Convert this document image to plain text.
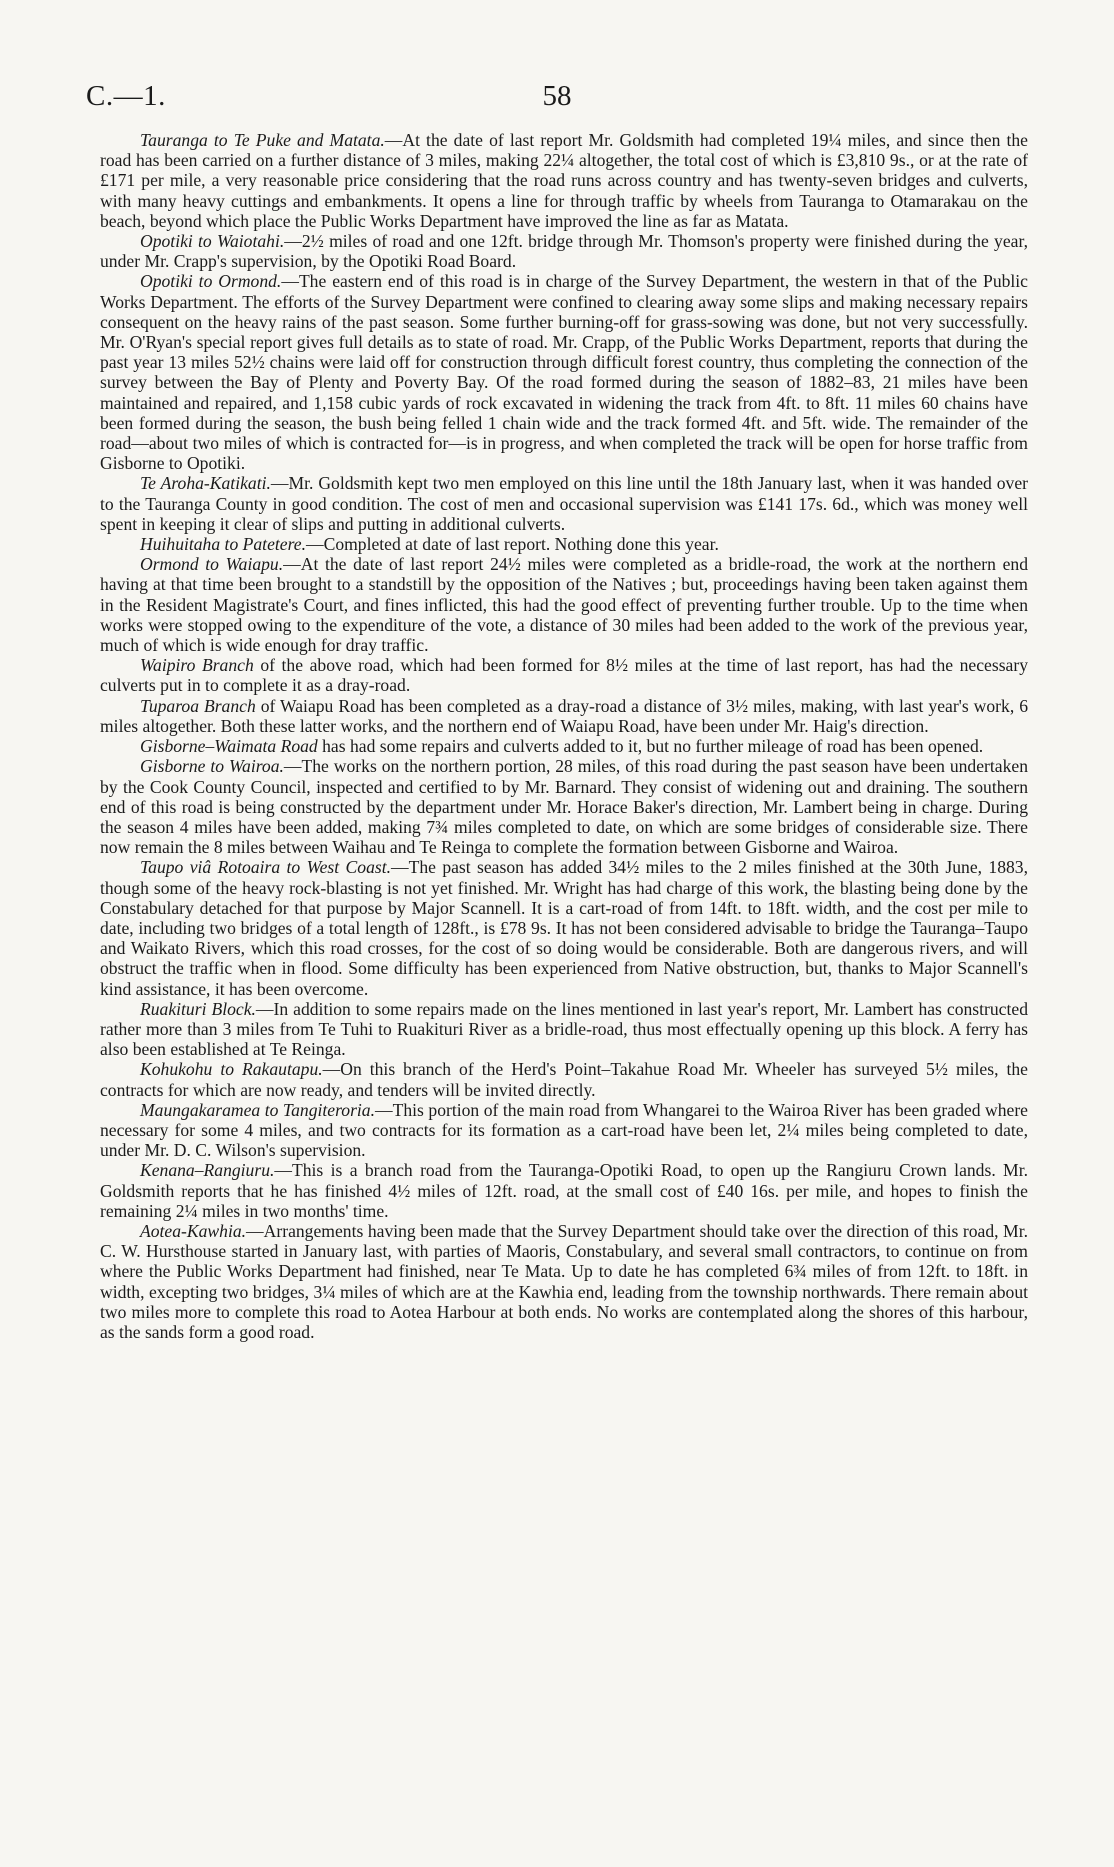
C.—1.	58

Tauranga to Te Puke and Matata.—At the date of last report Mr. Goldsmith had completed 19¼ miles, and since then the road has been carried on a further distance of 3 miles, making 22¼ altogether, the total cost of which is £3,810 9s., or at the rate of £171 per mile, a very reasonable price considering that the road runs across country and has twenty-seven bridges and culverts, with many heavy cuttings and embankments. It opens a line for through traffic by wheels from Tauranga to Otamarakau on the beach, beyond which place the Public Works Department have improved the line as far as Matata.

Opotiki to Waiotahi.—2½ miles of road and one 12ft. bridge through Mr. Thomson's property were finished during the year, under Mr. Crapp's supervision, by the Opotiki Road Board.

Opotiki to Ormond.—The eastern end of this road is in charge of the Survey Department, the western in that of the Public Works Department. The efforts of the Survey Department were confined to clearing away some slips and making necessary repairs consequent on the heavy rains of the past season. Some further burning-off for grass-sowing was done, but not very successfully. Mr. O'Ryan's special report gives full details as to state of road. Mr. Crapp, of the Public Works Department, reports that during the past year 13 miles 52½ chains were laid off for construction through difficult forest country, thus completing the connection of the survey between the Bay of Plenty and Poverty Bay. Of the road formed during the season of 1882–83, 21 miles have been maintained and repaired, and 1,158 cubic yards of rock excavated in widening the track from 4ft. to 8ft. 11 miles 60 chains have been formed during the season, the bush being felled 1 chain wide and the track formed 4ft. and 5ft. wide. The remainder of the road—about two miles of which is contracted for—is in progress, and when completed the track will be open for horse traffic from Gisborne to Opotiki.

Te Aroha-Katikati.—Mr. Goldsmith kept two men employed on this line until the 18th January last, when it was handed over to the Tauranga County in good condition. The cost of men and occasional supervision was £141 17s. 6d., which was money well spent in keeping it clear of slips and putting in additional culverts.

Huihuitaha to Patetere.—Completed at date of last report. Nothing done this year.

Ormond to Waiapu.—At the date of last report 24½ miles were completed as a bridle-road, the work at the northern end having at that time been brought to a standstill by the opposition of the Natives ; but, proceedings having been taken against them in the Resident Magistrate's Court, and fines inflicted, this had the good effect of preventing further trouble. Up to the time when works were stopped owing to the expenditure of the vote, a distance of 30 miles had been added to the work of the previous year, much of which is wide enough for dray traffic.

Waipiro Branch of the above road, which had been formed for 8½ miles at the time of last report, has had the necessary culverts put in to complete it as a dray-road.

Tuparoa Branch of Waiapu Road has been completed as a dray-road a distance of 3½ miles, making, with last year's work, 6 miles altogether. Both these latter works, and the northern end of Waiapu Road, have been under Mr. Haig's direction.

Gisborne–Waimata Road has had some repairs and culverts added to it, but no further mileage of road has been opened.

Gisborne to Wairoa.—The works on the northern portion, 28 miles, of this road during the past season have been undertaken by the Cook County Council, inspected and certified to by Mr. Barnard. They consist of widening out and draining. The southern end of this road is being constructed by the department under Mr. Horace Baker's direction, Mr. Lambert being in charge. During the season 4 miles have been added, making 7¾ miles completed to date, on which are some bridges of considerable size. There now remain the 8 miles between Waihau and Te Reinga to complete the formation between Gisborne and Wairoa.

Taupo viâ Rotoaira to West Coast.—The past season has added 34½ miles to the 2 miles finished at the 30th June, 1883, though some of the heavy rock-blasting is not yet finished. Mr. Wright has had charge of this work, the blasting being done by the Constabulary detached for that purpose by Major Scannell. It is a cart-road of from 14ft. to 18ft. width, and the cost per mile to date, including two bridges of a total length of 128ft., is £78 9s. It has not been considered advisable to bridge the Tauranga–Taupo and Waikato Rivers, which this road crosses, for the cost of so doing would be considerable. Both are dangerous rivers, and will obstruct the traffic when in flood. Some difficulty has been experienced from Native obstruction, but, thanks to Major Scannell's kind assistance, it has been overcome.

Ruakituri Block.—In addition to some repairs made on the lines mentioned in last year's report, Mr. Lambert has constructed rather more than 3 miles from Te Tuhi to Ruakituri River as a bridle-road, thus most effectually opening up this block. A ferry has also been established at Te Reinga.

Kohukohu to Rakautapu.—On this branch of the Herd's Point–Takahue Road Mr. Wheeler has surveyed 5½ miles, the contracts for which are now ready, and tenders will be invited directly.

Maungakaramea to Tangiteroria.—This portion of the main road from Whangarei to the Wairoa River has been graded where necessary for some 4 miles, and two contracts for its formation as a cart-road have been let, 2¼ miles being completed to date, under Mr. D. C. Wilson's supervision.

Kenana–Rangiuru.—This is a branch road from the Tauranga-Opotiki Road, to open up the Rangiuru Crown lands. Mr. Goldsmith reports that he has finished 4½ miles of 12ft. road, at the small cost of £40 16s. per mile, and hopes to finish the remaining 2¼ miles in two months' time.

Aotea-Kawhia.—Arrangements having been made that the Survey Department should take over the direction of this road, Mr. C. W. Hursthouse started in January last, with parties of Maoris, Constabulary, and several small contractors, to continue on from where the Public Works Department had finished, near Te Mata. Up to date he has completed 6¾ miles of from 12ft. to 18ft. in width, excepting two bridges, 3¼ miles of which are at the Kawhia end, leading from the township northwards. There remain about two miles more to complete this road to Aotea Harbour at both ends. No works are contemplated along the shores of this harbour, as the sands form a good road.
